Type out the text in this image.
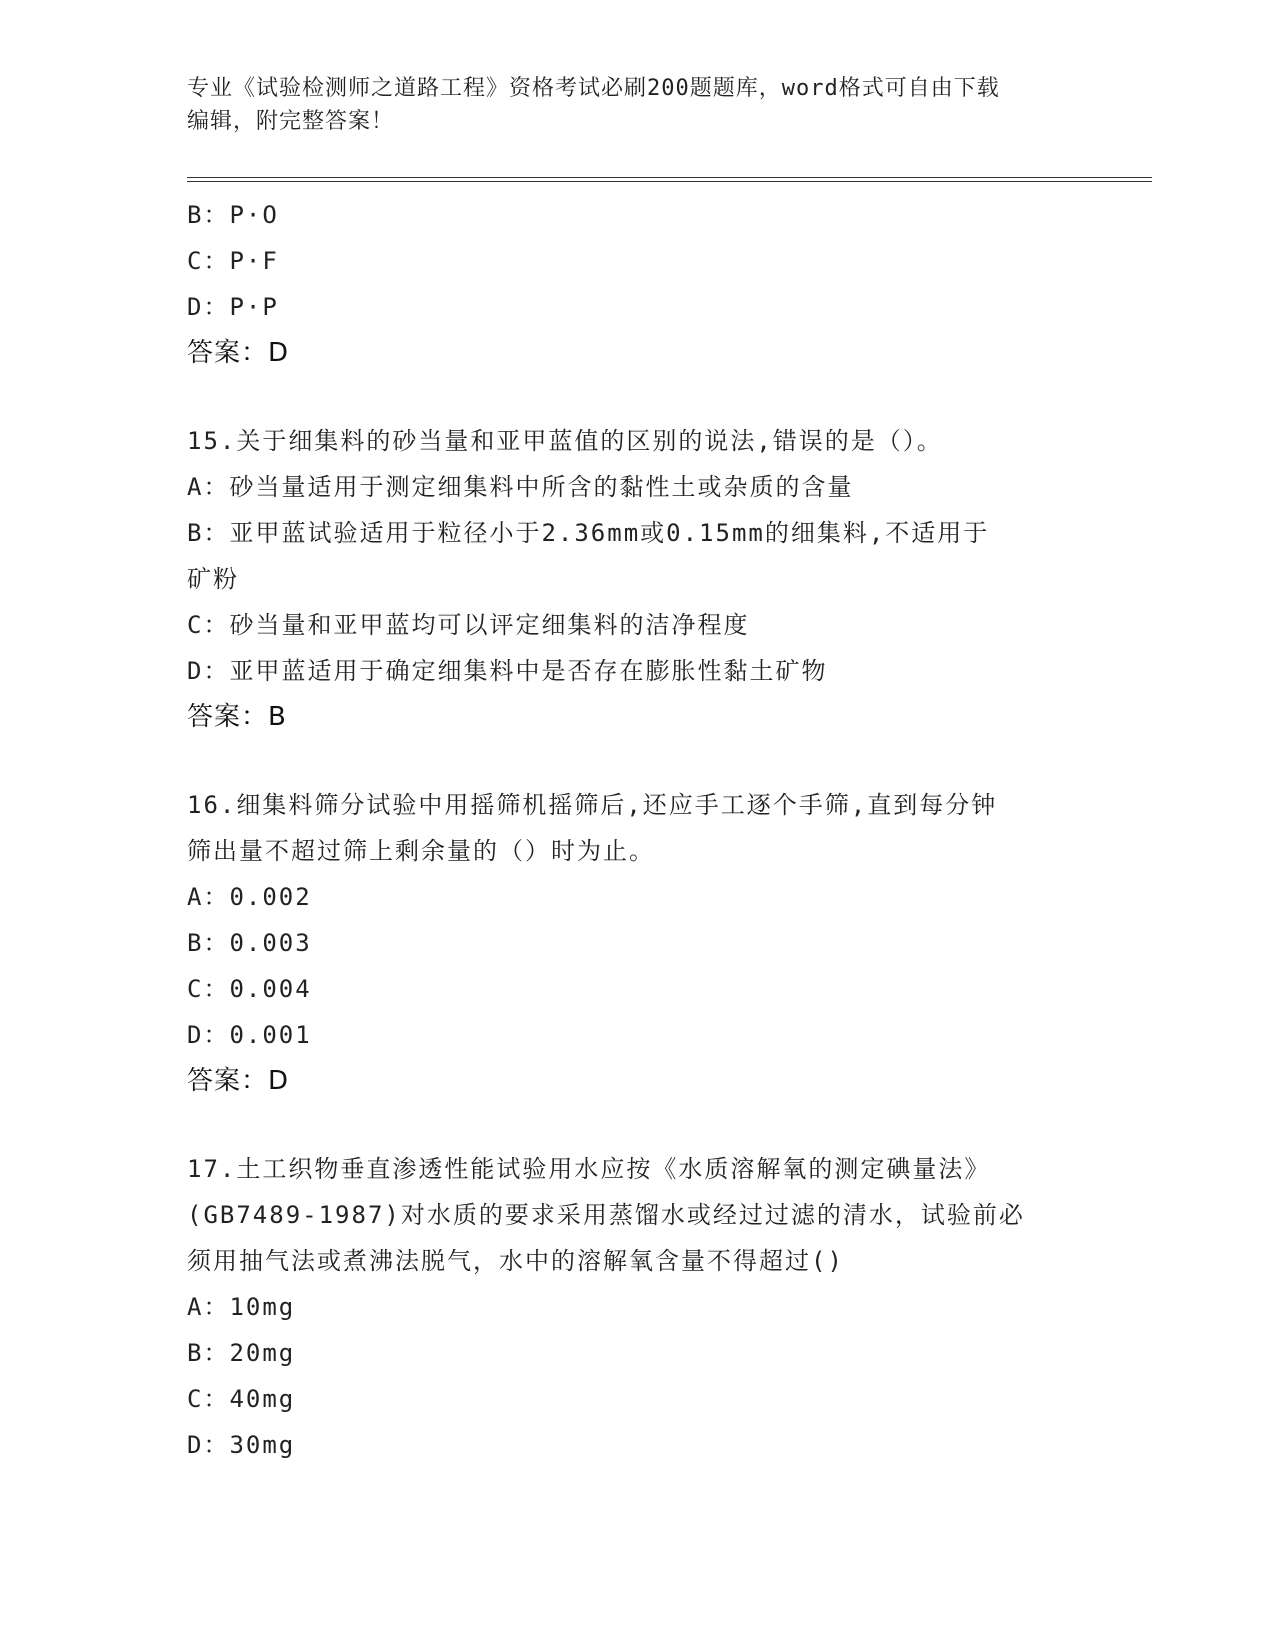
专业《试验检测师之道路工程》资格考试必刷200题题库，word格式可自由下载
编辑，附完整答案！
B：P·O
C：P·F
D：P·P
答案：D
15.关于细集料的砂当量和亚甲蓝值的区别的说法,错误的是（）。
A：砂当量适用于测定细集料中所含的黏性土或杂质的含量
B：亚甲蓝试验适用于粒径小于2.36mm或0.15mm的细集料,不适用于
矿粉
C：砂当量和亚甲蓝均可以评定细集料的洁净程度
D：亚甲蓝适用于确定细集料中是否存在膨胀性黏土矿物
答案：B
16.细集料筛分试验中用摇筛机摇筛后,还应手工逐个手筛,直到每分钟
筛出量不超过筛上剩余量的（）时为止。
A：0.002
B：0.003
C：0.004
D：0.001
答案：D
17.土工织物垂直渗透性能试验用水应按《水质溶解氧的测定碘量法》
(GB7489-1987)对水质的要求采用蒸馏水或经过过滤的清水，试验前必
须用抽气法或煮沸法脱气，水中的溶解氧含量不得超过()
A：10mg
B：20mg
C：40mg
D：30mg
